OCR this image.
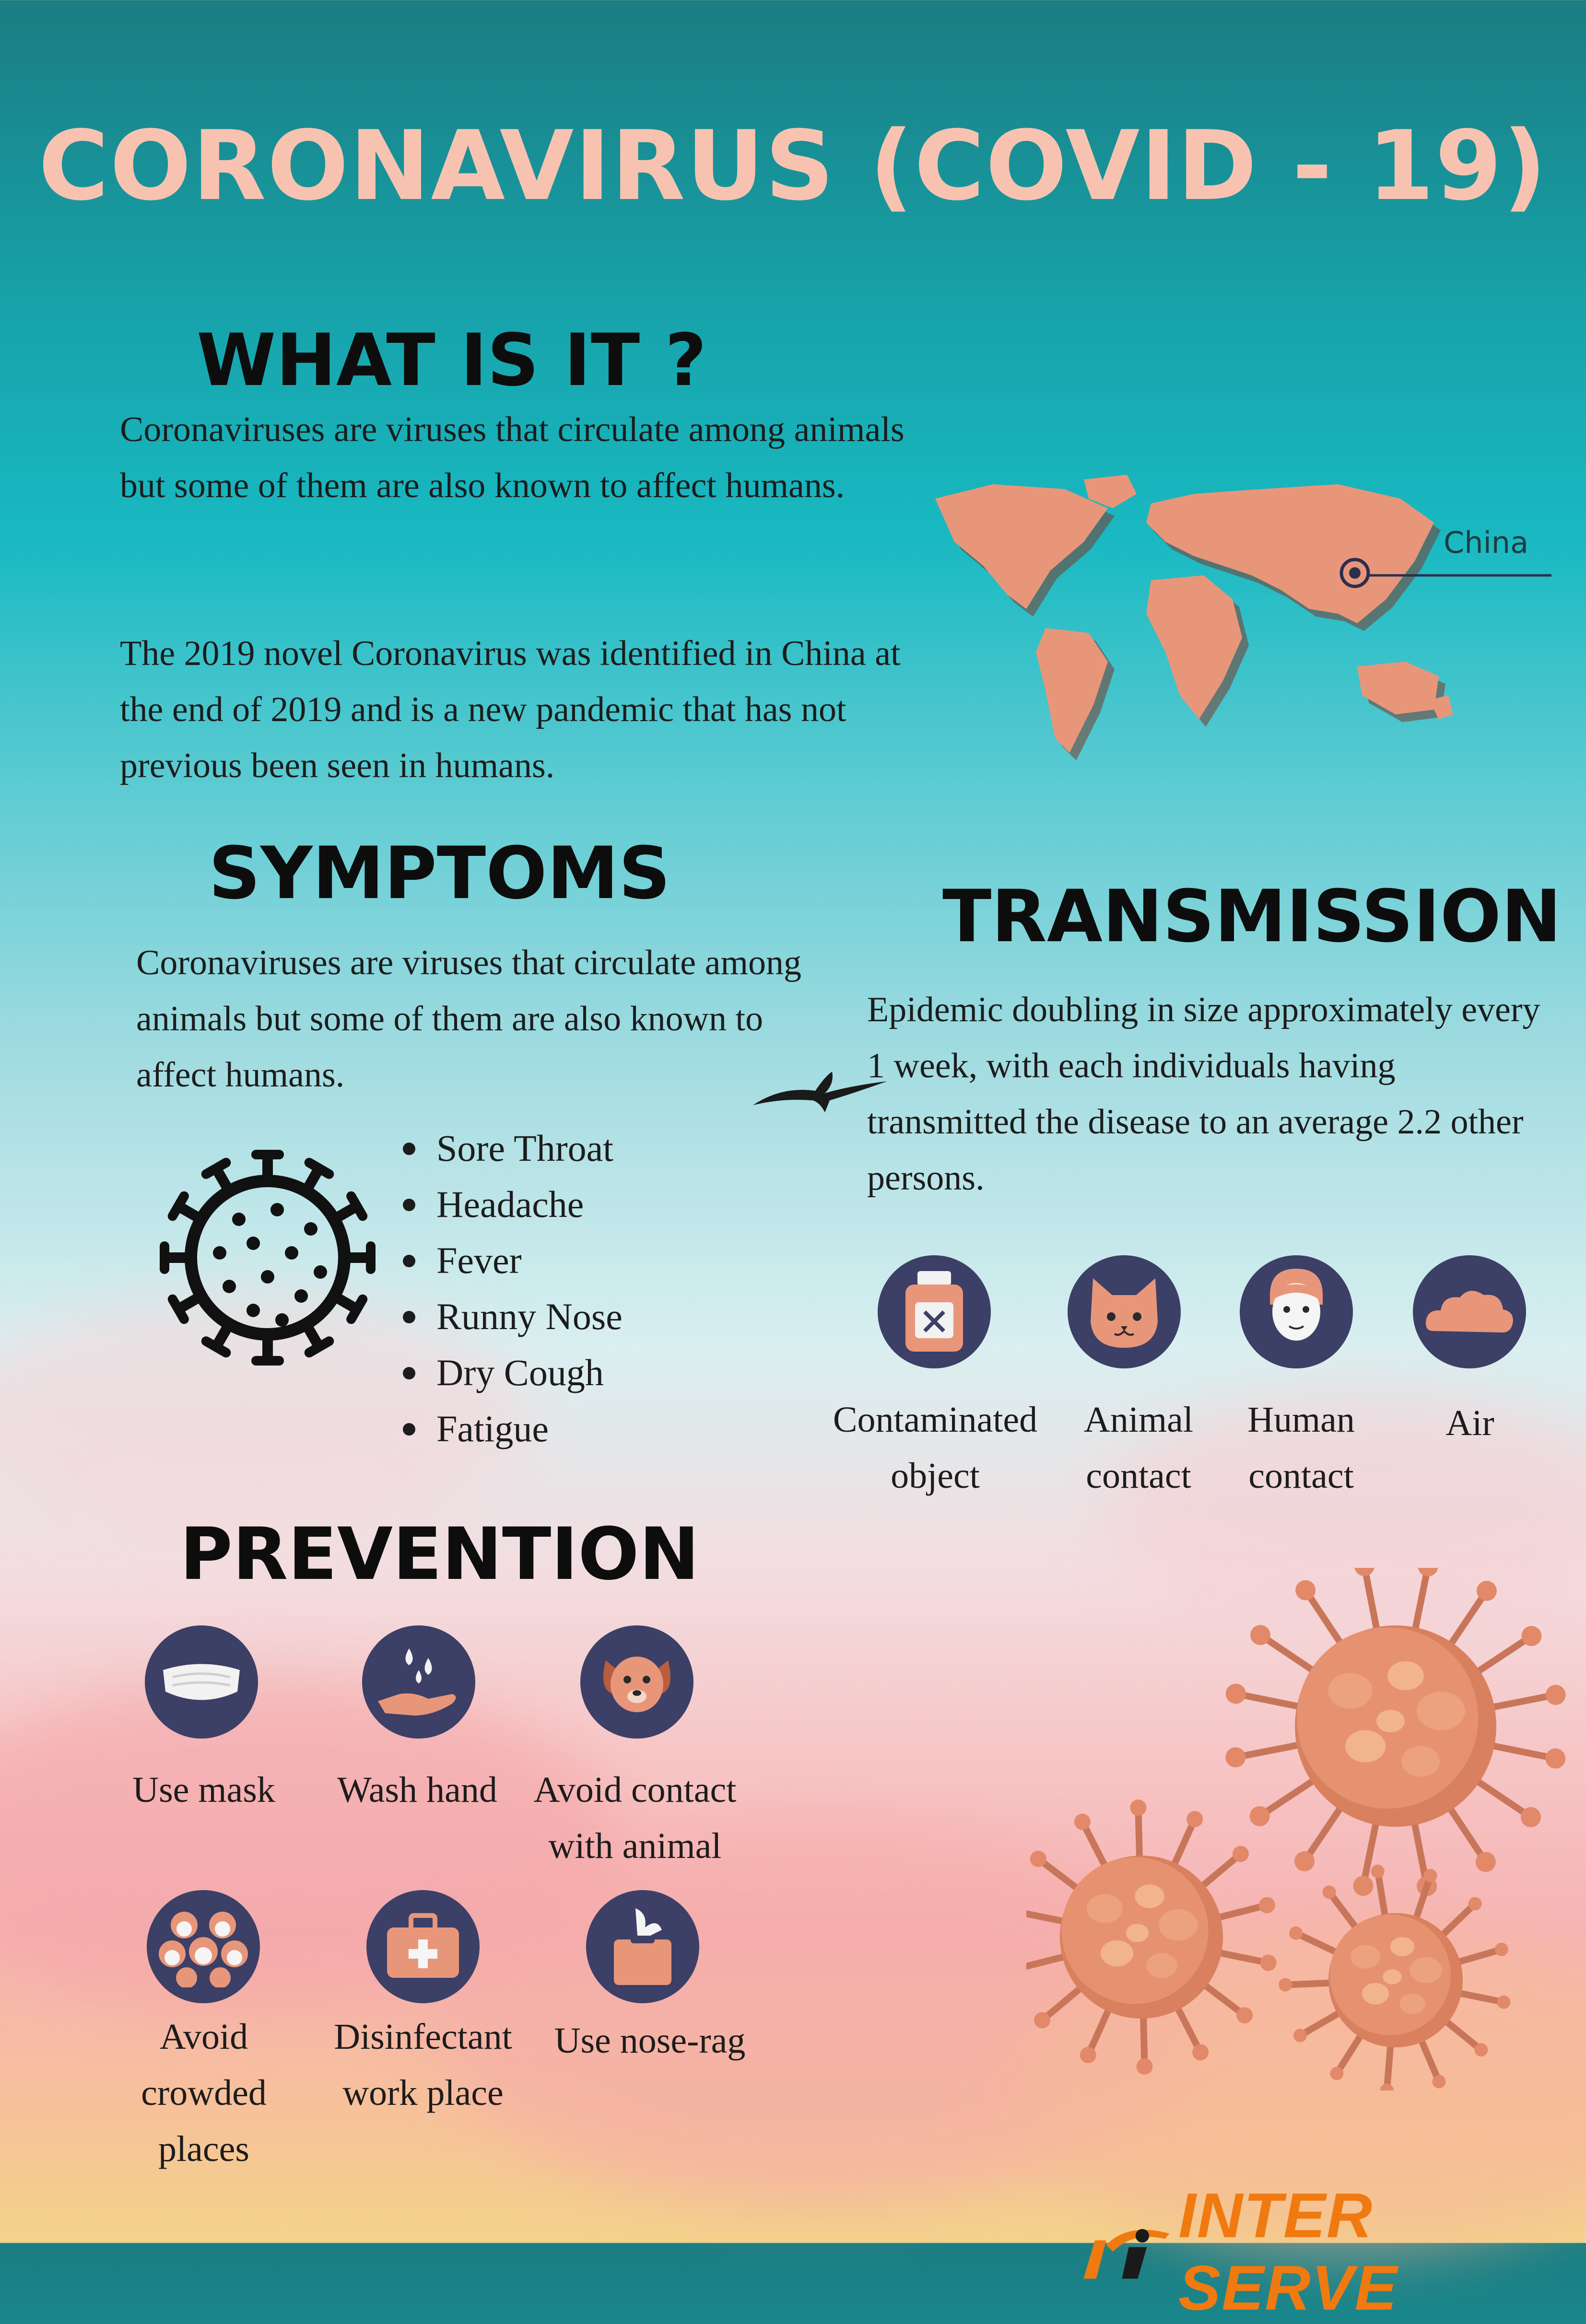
CORONAVIRUS (COVID - 19)
WHAT IS IT ?
Coronaviruses are viruses that circulate among animals but some of them are also known to affect humans.
The 2019 novel Coronavirus was identified in China at the end of 2019 and is a new pandemic that has not previous been seen in humans.
China
SYMPTOMS
Coronaviruses are viruses that circulate among animals but some of them are also known to affect humans.
Sore Throat
Headache
Fever
Runny Nose
Dry Cough
Fatigue
TRANSMISSION
Epidemic doubling in size approximately every 1 week, with each individuals having transmitted the disease to an average 2.2 other persons.
Contaminated
object
Animal
contact
Human
contact
Air
PREVENTION
Use mask	Wash hand Avoid contact
with animal
Avoid
crowded
places
Disinfectant
work place
Use nose-rag
INTER SERVE
